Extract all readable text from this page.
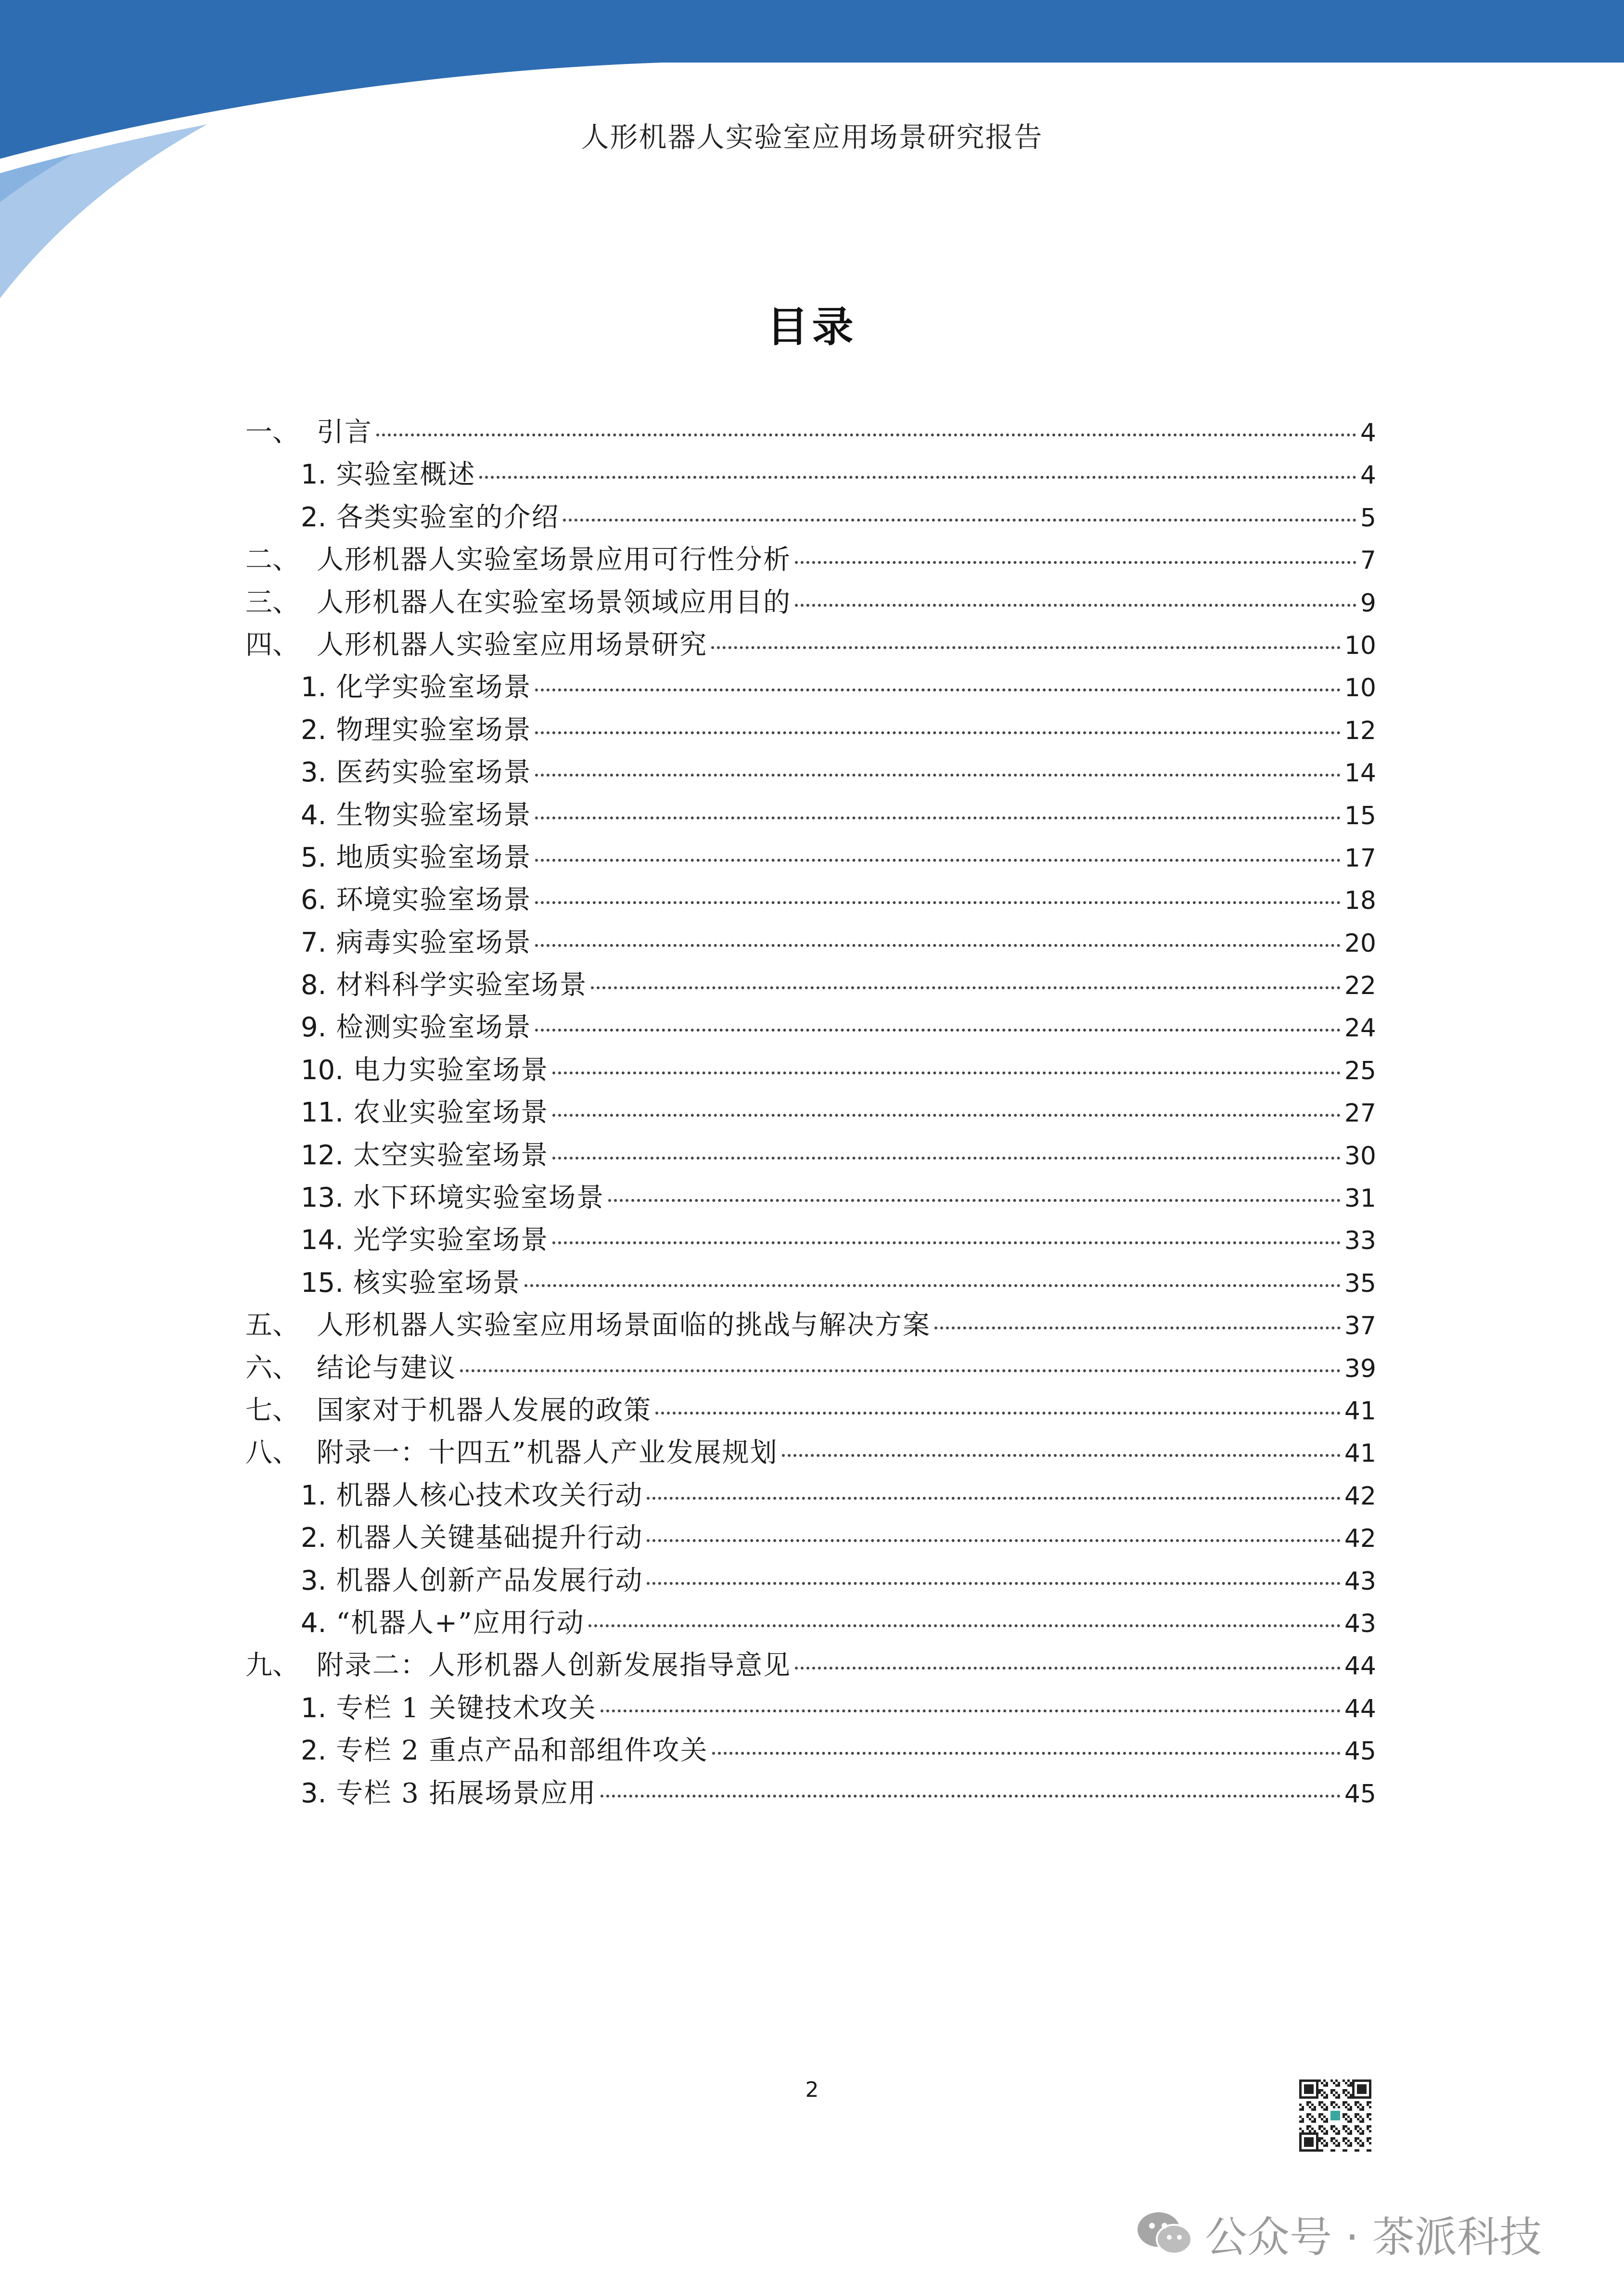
人形机器人实验室应用场景研究报告
目录
一、 引言	4
1. 实验室概述	4
2. 各类实验室的介绍	5
二、 人形机器人实验室场景应用可行性分析	7
三、 人形机器人在实验室场景领域应用目的	9
四、 人形机器人实验室应用场景研究	10
1. 化学实验室场景	10
2. 物理实验室场景	12
3. 医药实验室场景	14
4. 生物实验室场景	15
5. 地质实验室场景	17
6. 环境实验室场景	18
7. 病毒实验室场景	20
8. 材料科学实验室场景	22
9. 检测实验室场景	24
10. 电力实验室场景	25
11. 农业实验室场景	27
12. 太空实验室场景	30
13. 水下环境实验室场景	31
14. 光学实验室场景	33
15. 核实验室场景	35
五、 人形机器人实验室应用场景面临的挑战与解决方案	37
六、 结论与建议	39
七、 国家对于机器人发展的政策	41
八、 附录一：十四五”机器人产业发展规划	41
1. 机器人核心技术攻关行动	42
2. 机器人关键基础提升行动	42
3. 机器人创新产品发展行动	43
4. “机器人+”应用行动	43
九、 附录二：人形机器人创新发展指导意见	44
1. 专栏 1 关键技术攻关	44
2. 专栏 2 重点产品和部组件攻关	45
3. 专栏 3 拓展场景应用	45
2
公众号 · 茶派科技
